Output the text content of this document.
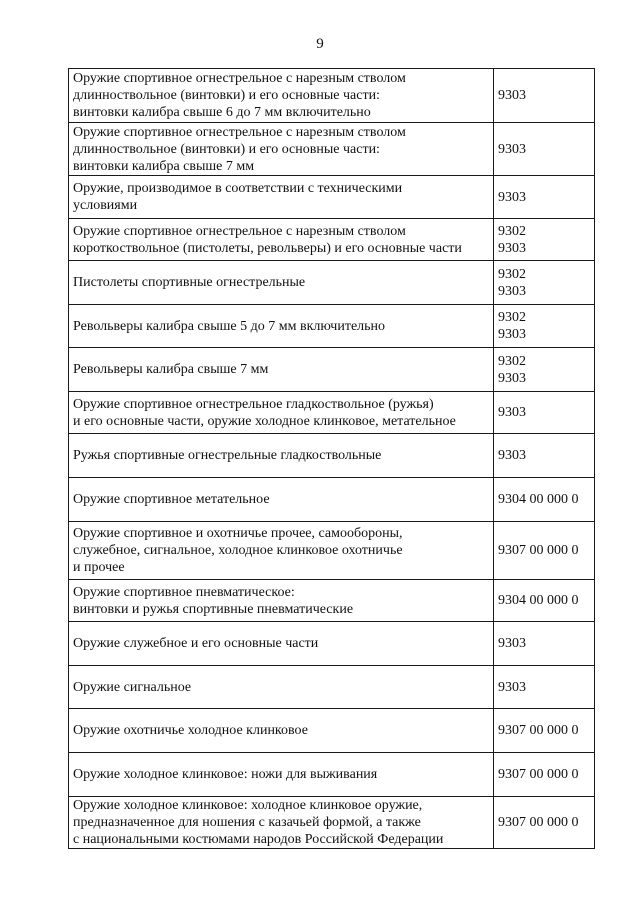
9
Оружие спортивное огнестрельное с нарезным стволом
длинноствольное (винтовки) и его основные части:
винтовки калибра свыше 6 до 7 мм включительно	9303
Оружие спортивное огнестрельное с нарезным стволом
длинноствольное (винтовки) и его основные части:
винтовки калибра свыше 7 мм	9303
Оружие, производимое в соответствии с техническими
условиями	9303
Оружие спортивное огнестрельное с нарезным стволом
короткоствольное (пистолеты, револьверы) и его основные части	9302
9303
Пистолеты спортивные огнестрельные	9302
9303
Револьверы калибра свыше 5 до 7 мм включительно	9302
9303
Револьверы калибра свыше 7 мм	9302
9303
Оружие спортивное огнестрельное гладкоствольное (ружья)
и его основные части, оружие холодное клинковое, метательное	9303
Ружья спортивные огнестрельные гладкоствольные	9303
Оружие спортивное метательное	9304 00 000 0
Оружие спортивное и охотничье прочее, самообороны,
служебное, сигнальное, холодное клинковое охотничье
и прочее	9307 00 000 0
Оружие спортивное пневматическое:
винтовки и ружья спортивные пневматические	9304 00 000 0
Оружие служебное и его основные части	9303
Оружие сигнальное	9303
Оружие охотничье холодное клинковое	9307 00 000 0
Оружие холодное клинковое: ножи для выживания	9307 00 000 0
Оружие холодное клинковое: холодное клинковое оружие,
предназначенное для ношения с казачьей формой, а также
с национальными костюмами народов Российской Федерации	9307 00 000 0
